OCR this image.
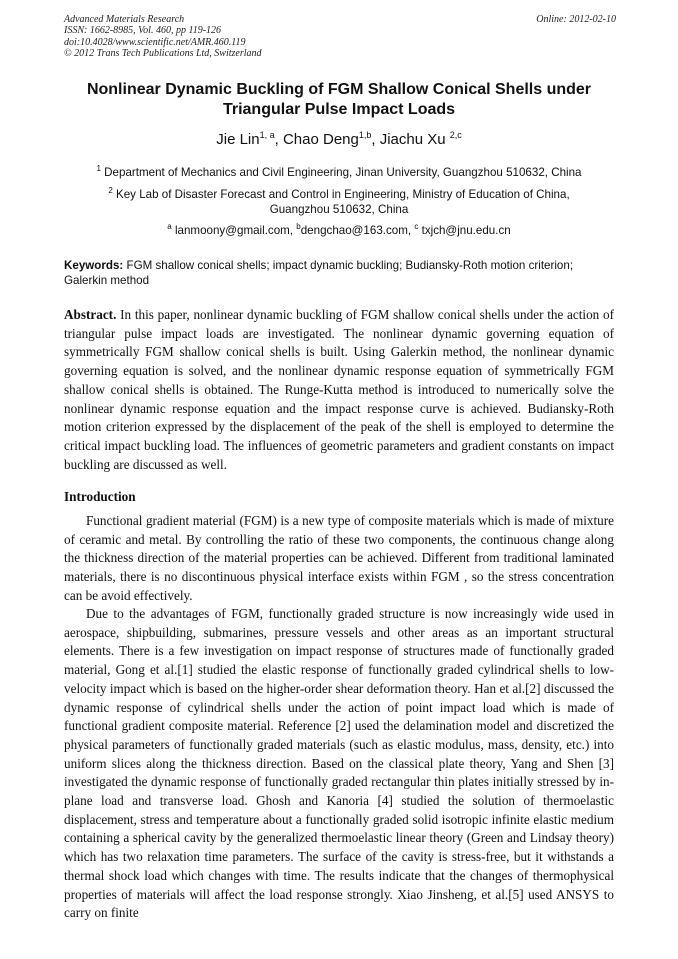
Advanced Materials Research
ISSN: 1662-8985, Vol. 460, pp 119-126
doi:10.4028/www.scientific.net/AMR.460.119
© 2012 Trans Tech Publications Ltd, Switzerland
Online: 2012-02-10
Nonlinear Dynamic Buckling of FGM Shallow Conical Shells under Triangular Pulse Impact Loads
Jie Lin$^{1, a}$, Chao Deng$^{1,b}$, Jiachu Xu $^{2,c}$
$^1$ Department of Mechanics and Civil Engineering, Jinan University, Guangzhou 510632, China
$^2$ Key Lab of Disaster Forecast and Control in Engineering, Ministry of Education of China, Guangzhou 510632, China
$^a$ lanmoony@gmail.com, $^b$dengchao@163.com, $^c$ txjch@jnu.edu.cn
Keywords: FGM shallow conical shells; impact dynamic buckling; Budiansky-Roth motion criterion; Galerkin method
Abstract. In this paper, nonlinear dynamic buckling of FGM shallow conical shells under the action of triangular pulse impact loads are investigated. The nonlinear dynamic governing equation of symmetrically FGM shallow conical shells is built. Using Galerkin method, the nonlinear dynamic governing equation is solved, and the nonlinear dynamic response equation of symmetrically FGM shallow conical shells is obtained. The Runge-Kutta method is introduced to numerically solve the nonlinear dynamic response equation and the impact response curve is achieved. Budiansky-Roth motion criterion expressed by the displacement of the peak of the shell is employed to determine the critical impact buckling load. The influences of geometric parameters and gradient constants on impact buckling are discussed as well.
Introduction
Functional gradient material (FGM) is a new type of composite materials which is made of mixture of ceramic and metal. By controlling the ratio of these two components, the continuous change along the thickness direction of the material properties can be achieved. Different from traditional laminated materials, there is no discontinuous physical interface exists within FGM , so the stress concentration can be avoid effectively.
Due to the advantages of FGM, functionally graded structure is now increasingly wide used in aerospace, shipbuilding, submarines, pressure vessels and other areas as an important structural elements. There is a few investigation on impact response of structures made of functionally graded material, Gong et al.[1] studied the elastic response of functionally graded cylindrical shells to low-velocity impact which is based on the higher-order shear deformation theory. Han et al.[2] discussed the dynamic response of cylindrical shells under the action of point impact load which is made of functional gradient composite material. Reference [2] used the delamination model and discretized the physical parameters of functionally graded materials (such as elastic modulus, mass, density, etc.) into uniform slices along the thickness direction. Based on the classical plate theory, Yang and Shen [3] investigated the dynamic response of functionally graded rectangular thin plates initially stressed by in-plane load and transverse load. Ghosh and Kanoria [4] studied the solution of thermoelastic displacement, stress and temperature about a functionally graded solid isotropic infinite elastic medium containing a spherical cavity by the generalized thermoelastic linear theory (Green and Lindsay theory) which has two relaxation time parameters. The surface of the cavity is stress-free, but it withstands a thermal shock load which changes with time. The results indicate that the changes of thermophysical properties of materials will affect the load response strongly. Xiao Jinsheng, et al.[5] used ANSYS to carry on finite
